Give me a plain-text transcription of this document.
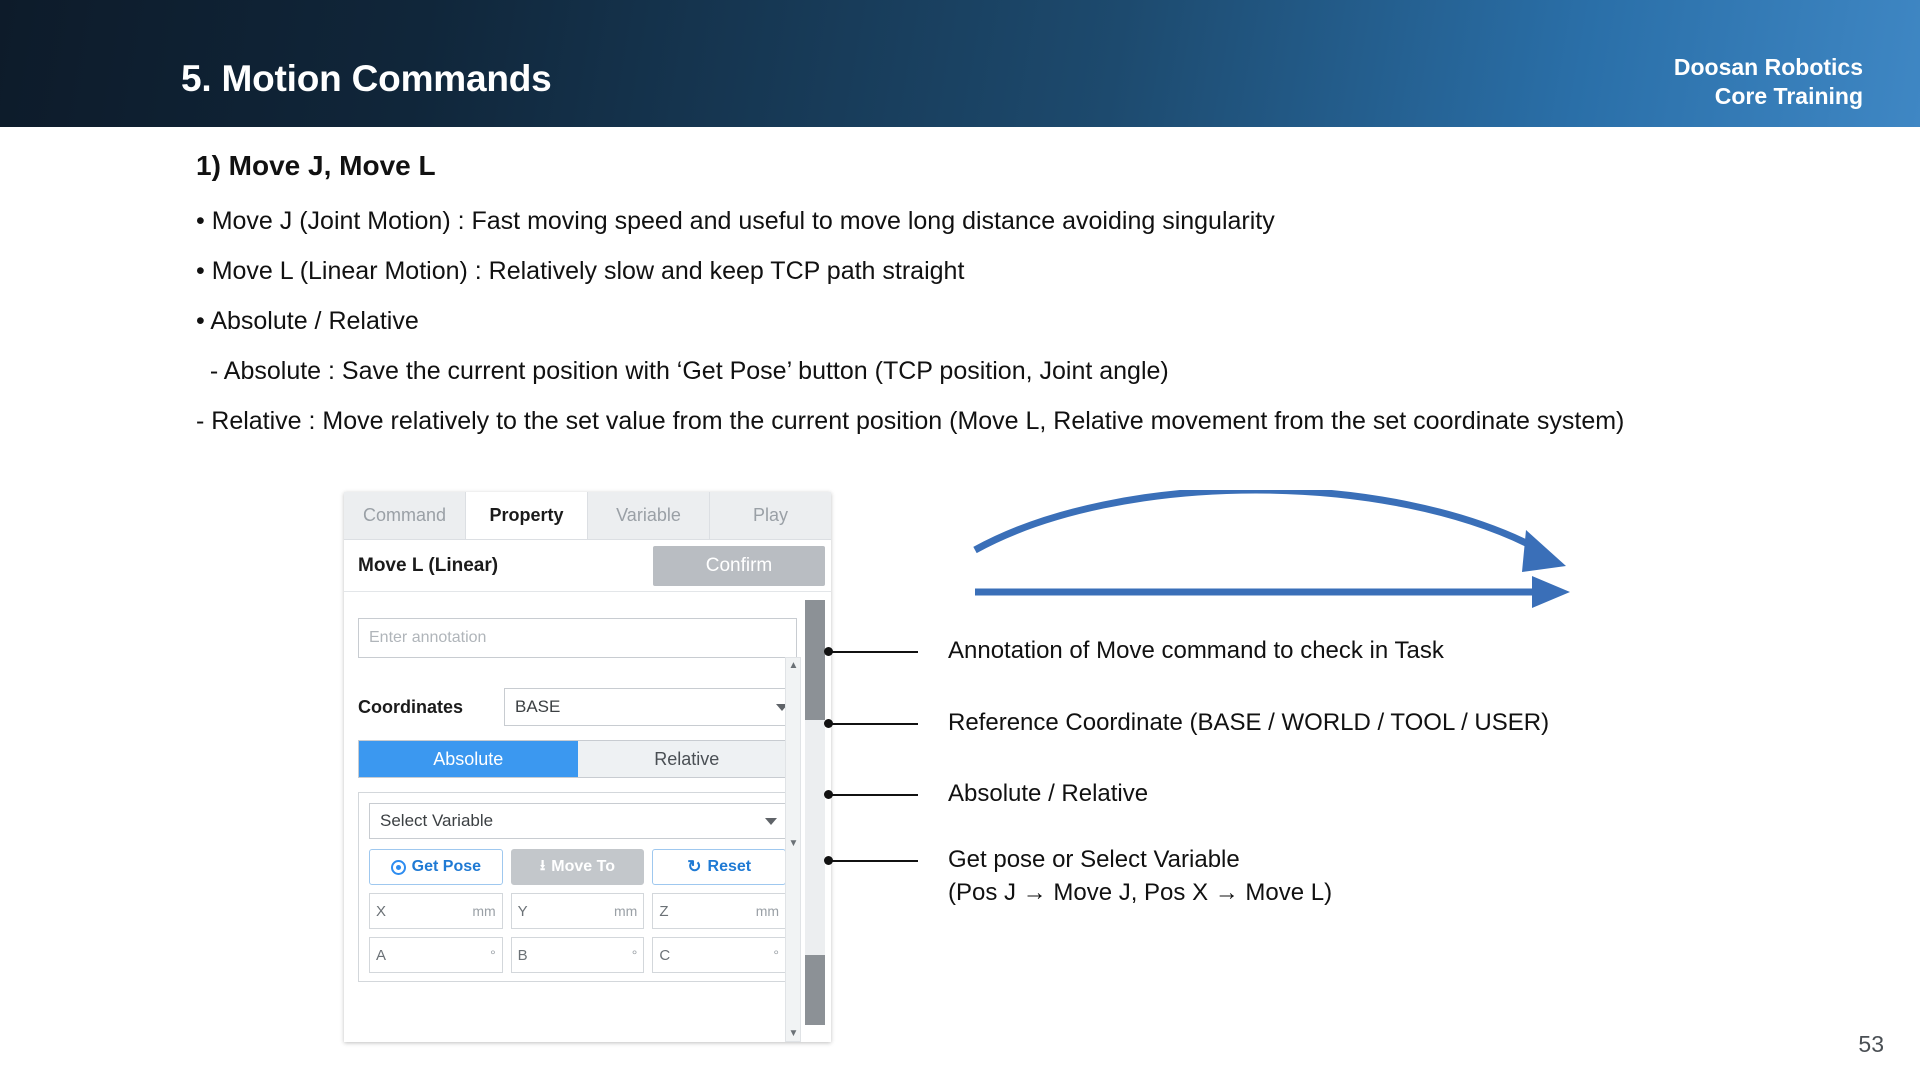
5. Motion Commands	Doosan Robotics
Core Training
1) Move J, Move L
• Move J (Joint Motion) : Fast moving speed and useful to move long distance avoiding singularity
• Move L (Linear Motion) : Relatively slow and keep TCP path straight
• Absolute / Relative
- Absolute : Save the current position with ‘Get Pose’ button (TCP position, Joint angle)
- Relative : Move relatively to the set value from the current position (Move L, Relative movement from the set coordinate system)
Command	Property	Variable	Play
Move L (Linear)	Confirm
Enter annotation
Coordinates	BASE
Absolute	Relative
Select Variable
Get Pose	⭳ Move To	↻ Reset
X	mm Y	mm Z	mm
A	° B	° C	°
▲
▼
▼
Annotation of Move command to check in Task
Reference Coordinate (BASE / WORLD / TOOL / USER)
Absolute / Relative
Get pose or Select Variable
(Pos J → Move J, Pos X → Move L)
53
